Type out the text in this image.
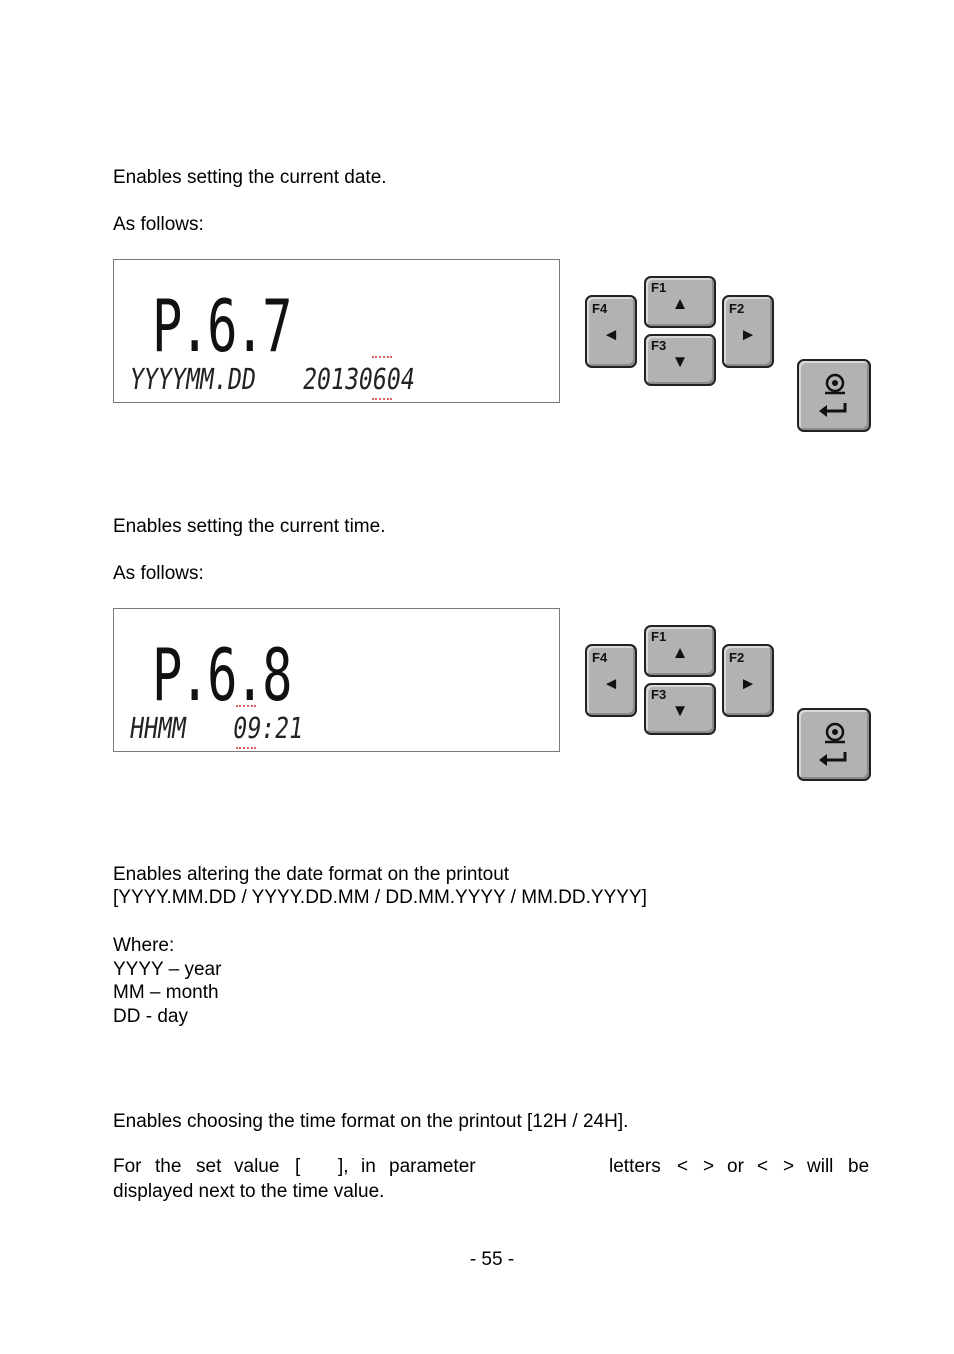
Enables setting the current date.
As follows:
P.6.7
YYYYMM.DD 20130604
F1
▲
F3
▼
F4
◄
F2
►
Enables setting the current time.
As follows:
P.6.8
HHMM 09:21
F1
▲
F3
▼
F4
◄
F2
►
Enables altering the date format on the printout
[YYYY.MM.DD / YYYY.DD.MM / DD.MM.YYYY / MM.DD.YYYY]
Where:
YYYY – year
MM – month
DD - day
Enables choosing the time format on the printout [12H / 24H].
For the set value [ ], in parameter	letters < > or < > will be
displayed next to the time value.
- 55 -
